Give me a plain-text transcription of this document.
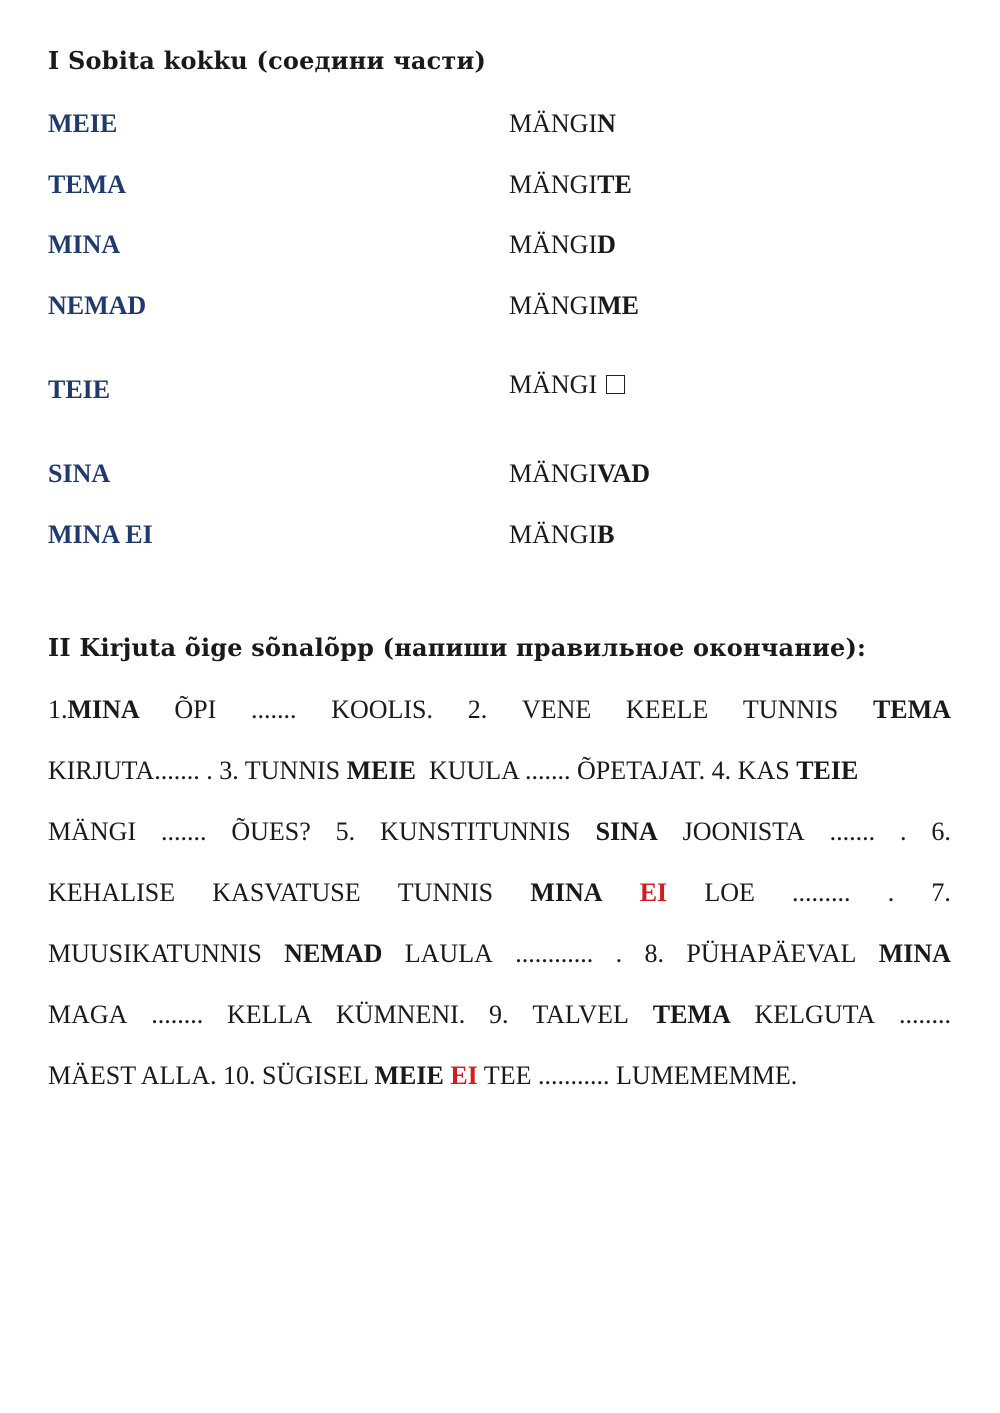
I Sobita kokku (соедини части)
MEIE
TEMA
MINA
NEMAD
TEIE
SINA
MINA EI
MÄNGIN
MÄNGITE
MÄNGID
MÄNGIME
MÄNGI
MÄNGIVAD
MÄNGIB
II Kirjuta õige sõnalõpp (напиши правильное окончание):
1.MINA ÕPI ....... KOOLIS. 2. VENE KEELE TUNNIS TEMA
KIRJUTA....... . 3. TUNNIS MEIE  KUULA ....... ÕPETAJAT. 4. KAS TEIE
MÄNGI ....... ÕUES? 5. KUNSTITUNNIS SINA JOONISTA ....... . 6.
KEHALISE KASVATUSE TUNNIS MINA EI LOE ......... . 7.
MUUSIKATUNNIS NEMAD LAULA ............ . 8. PÜHAPÄEVAL MINA
MAGA ........ KELLA KÜMNENI. 9. TALVEL TEMA KELGUTA ........
MÄEST ALLA. 10. SÜGISEL MEIE EI TEE ........... LUMEMEMME.
